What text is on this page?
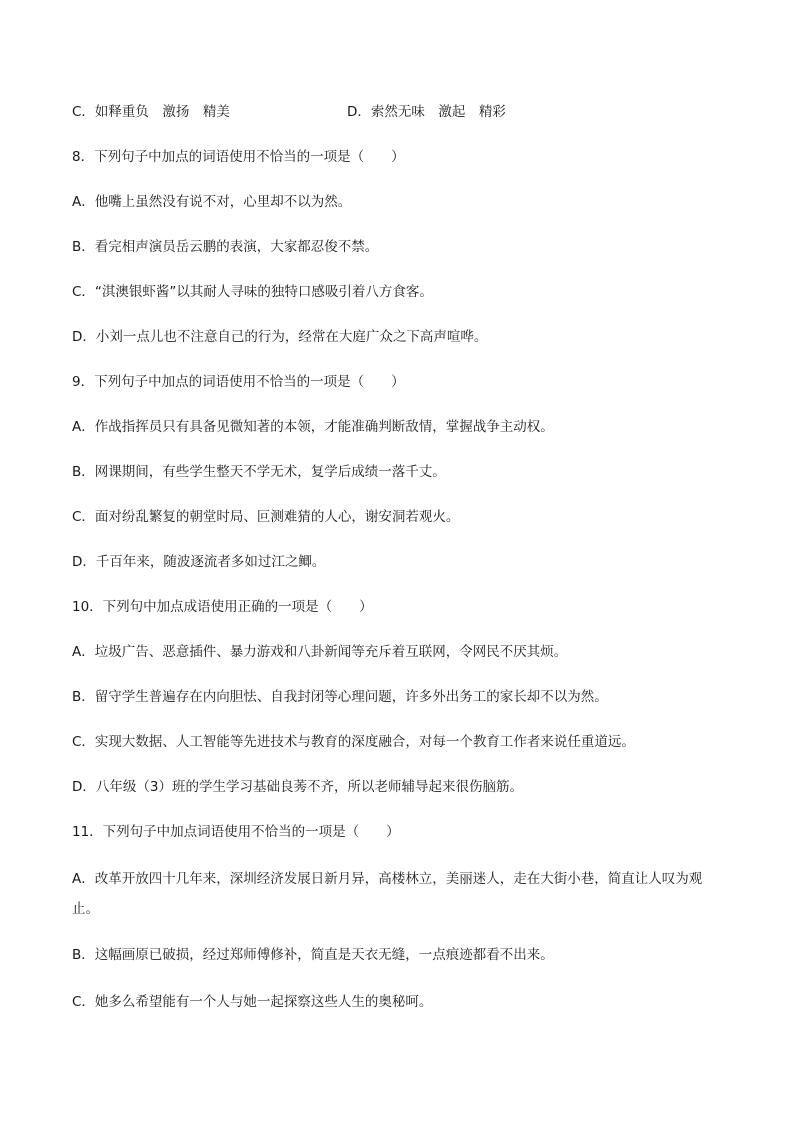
C．如释重负　激扬　精美	D．索然无味　激起　精彩
8．下列句子中加点的词语使用不恰当的一项是（　　）
A．他嘴上虽然没有说不对，心里却不以为然。
B．看完相声演员岳云鹏的表演，大家都忍俊不禁。
C．“淇澳银虾酱”以其耐人寻味的独特口感吸引着八方食客。
D．小刘一点儿也不注意自己的行为，经常在大庭广众之下高声喧哗。
9．下列句子中加点的词语使用不恰当的一项是（　　）
A．作战指挥员只有具备见微知著的本领，才能准确判断敌情，掌握战争主动权。
B．网课期间，有些学生整天不学无术，复学后成绩一落千丈。
C．面对纷乱繁复的朝堂时局、叵测难猜的人心，谢安洞若观火。
D．千百年来，随波逐流者多如过江之鲫。
10．下列句中加点成语使用正确的一项是（　　）
A．垃圾广告、恶意插件、暴力游戏和八卦新闻等充斥着互联网，令网民不厌其烦。
B．留守学生普遍存在内向胆怯、自我封闭等心理问题，许多外出务工的家长却不以为然。
C．实现大数据、人工智能等先进技术与教育的深度融合，对每一个教育工作者来说任重道远。
D．八年级（3）班的学生学习基础良莠不齐，所以老师辅导起来很伤脑筋。
11．下列句子中加点词语使用不恰当的一项是（　　）
A．改革开放四十几年来，深圳经济发展日新月异，高楼林立，美丽迷人，走在大街小巷，简直让人叹为观
止。
B．这幅画原已破损，经过郑师傅修补，简直是天衣无缝，一点痕迹都看不出来。
C．她多么希望能有一个人与她一起探察这些人生的奥秘呵。
